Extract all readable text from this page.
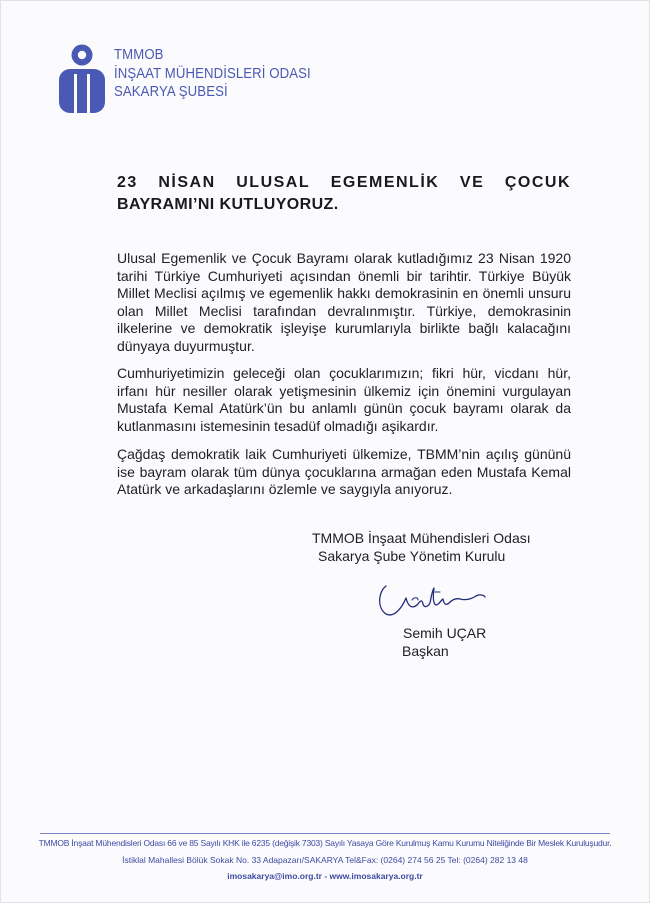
TMMOB
İNŞAAT MÜHENDİSLERİ ODASI
SAKARYA ŞUBESİ
23 NİSAN ULUSAL EGEMENLİK VE ÇOCUK
BAYRAMI’NI KUTLUYORUZ.

Ulusal Egemenlik ve Çocuk Bayramı olarak kutladığımız 23 Nisan 1920 tarihi Türkiye Cumhuriyeti açısından önemli bir tarihtir. Türkiye Büyük Millet Meclisi açılmış ve egemenlik hakkı demokrasinin en önemli unsuru olan Millet Meclisi tarafından devralınmıştır. Türkiye, demokrasinin ilkelerine ve demokratik işleyişe kurumlarıyla birlikte bağlı kalacağını dünyaya duyurmuştur.

Cumhuriyetimizin geleceği olan çocuklarımızın; fikri hür, vicdanı hür, irfanı hür nesiller olarak yetişmesinin ülkemiz için önemini vurgulayan Mustafa Kemal Atatürk’ün bu anlamlı günün çocuk bayramı olarak da kutlanmasını istemesinin tesadüf olmadığı aşikardır.

Çağdaş demokratik laik Cumhuriyeti ülkemize, TBMM’nin açılış gününü ise bayram olarak tüm dünya çocuklarına armağan eden Mustafa Kemal Atatürk ve arkadaşlarını özlemle ve saygıyla anıyoruz.

TMMOB İnşaat Mühendisleri Odası
Sakarya Şube Yönetim Kurulu
Semih UÇAR
Başkan
TMMOB İnşaat Mühendisleri Odası 66 ve 85 Sayılı KHK ile 6235 (değişik 7303) Sayılı Yasaya Göre Kurulmuş Kamu Kurumu Niteliğinde Bir Meslek Kuruluşudur.
İstiklal Mahallesi Bölük Sokak No. 33 Adapazarı/SAKARYA Tel&Fax: (0264) 274 56 25 Tel: (0264) 282 13 48
imosakarya@imo.org.tr - www.imosakarya.org.tr
